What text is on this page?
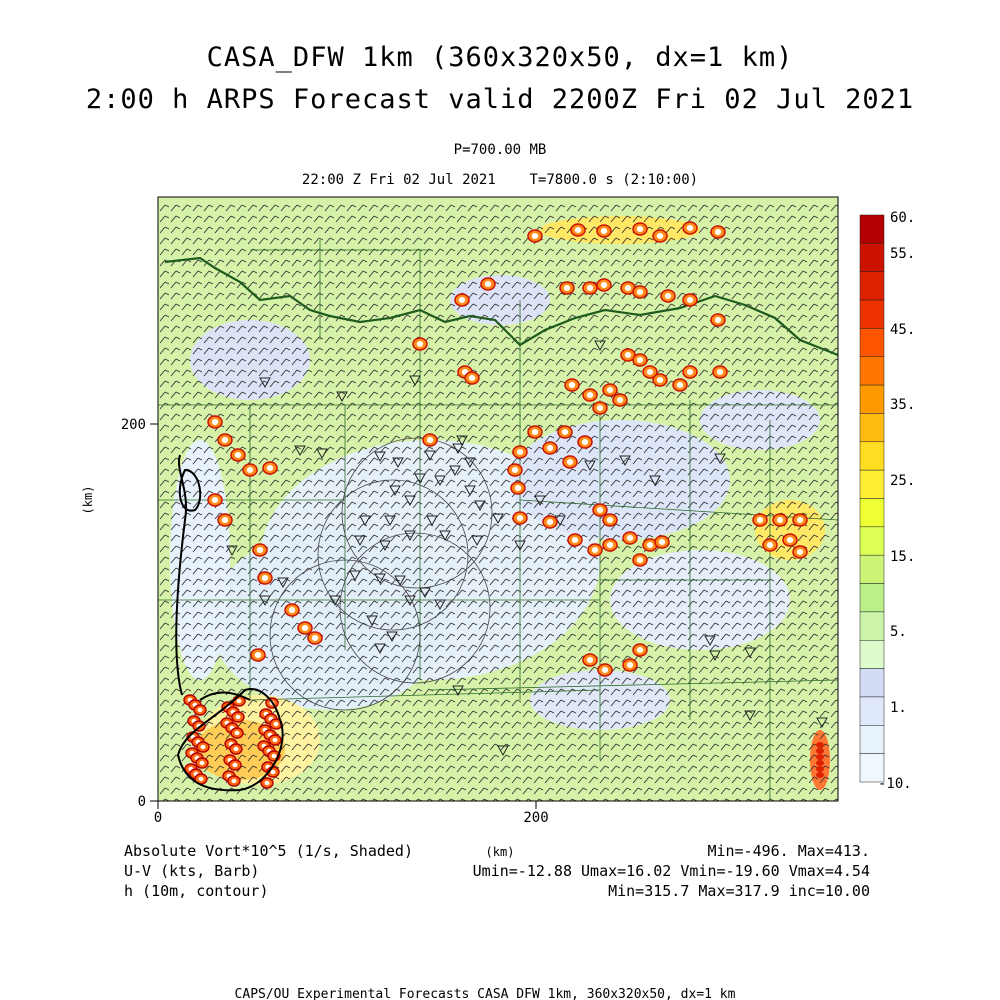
CASA_DFW 1km (360x320x50, dx=1 km)
2:00 h ARPS Forecast valid 2200Z Fri 02 Jul 2021
P=700.00 MB
22:00 Z Fri 02 Jul 2021    T=7800.0 s (2:10:00)
0	200
(km)
0
200
(km)
60.
55.
45.
35.
25.
15.
5.
1.
-10.
Absolute Vort*10^5 (1/s, Shaded)
U-V (kts, Barb)
h (10m, contour)
Min=-496. Max=413.
Umin=-12.88 Umax=16.02 Vmin=-19.60 Vmax=4.54
Min=315.7 Max=317.9 inc=10.00
CAPS/OU Experimental Forecasts CASA DFW 1km, 360x320x50, dx=1 km
